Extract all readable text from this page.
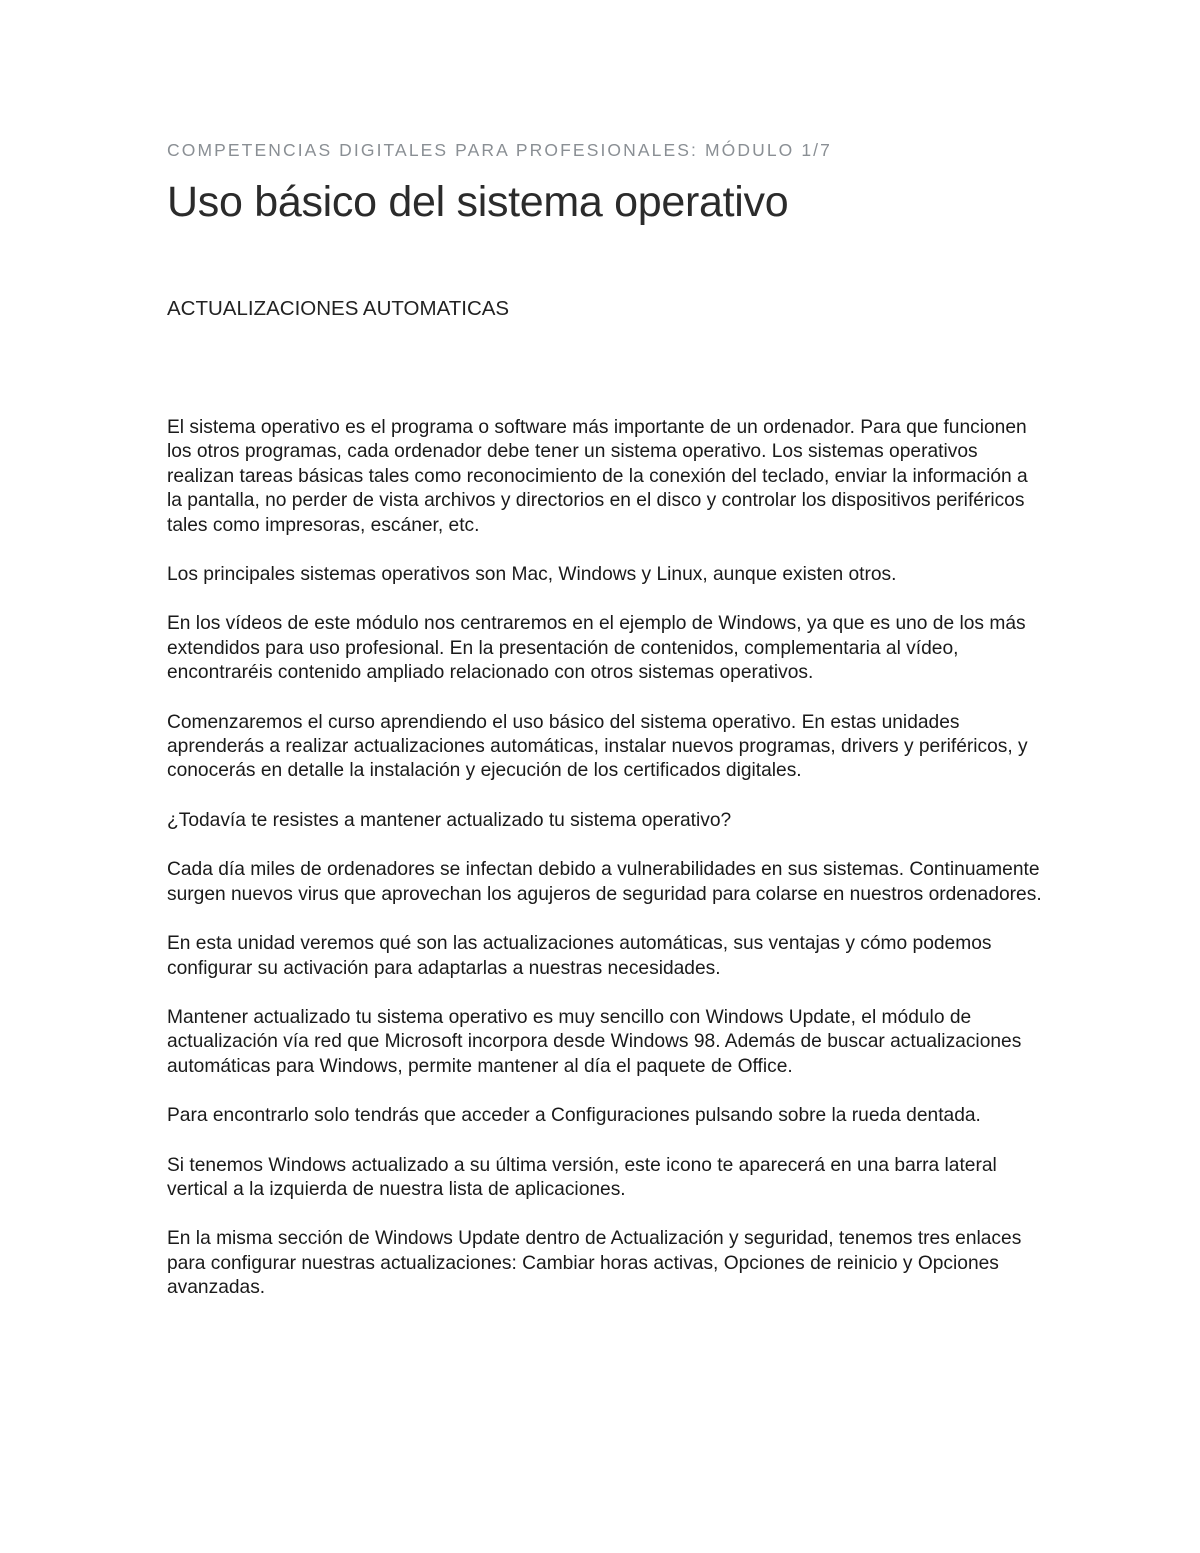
COMPETENCIAS DIGITALES PARA PROFESIONALES: MÓDULO 1/7

Uso básico del sistema operativo
ACTUALIZACIONES AUTOMATICAS

El sistema operativo es el programa o software más importante de un ordenador. Para que funcionen los otros programas, cada ordenador debe tener un sistema operativo. Los sistemas operativos realizan tareas básicas tales como reconocimiento de la conexión del teclado, enviar la información a la pantalla, no perder de vista archivos y directorios en el disco y controlar los dispositivos periféricos tales como impresoras, escáner, etc.

Los principales sistemas operativos son Mac, Windows y Linux, aunque existen otros.

En los vídeos de este módulo nos centraremos en el ejemplo de Windows, ya que es uno de los más extendidos para uso profesional. En la presentación de contenidos, complementaria al vídeo, encontraréis contenido ampliado relacionado con otros sistemas operativos.

Comenzaremos el curso aprendiendo el uso básico del sistema operativo. En estas unidades aprenderás a realizar actualizaciones automáticas, instalar nuevos programas, drivers y periféricos, y conocerás en detalle la instalación y ejecución de los certificados digitales.

¿Todavía te resistes a mantener actualizado tu sistema operativo?

Cada día miles de ordenadores se infectan debido a vulnerabilidades en sus sistemas. Continuamente surgen nuevos virus que aprovechan los agujeros de seguridad para colarse en nuestros ordenadores.

En esta unidad veremos qué son las actualizaciones automáticas, sus ventajas y cómo podemos configurar su activación para adaptarlas a nuestras necesidades.

Mantener actualizado tu sistema operativo es muy sencillo con Windows Update, el módulo de actualización vía red que Microsoft incorpora desde Windows 98. Además de buscar actualizaciones automáticas para Windows, permite mantener al día el paquete de Office.

Para encontrarlo solo tendrás que acceder a Configuraciones pulsando sobre la rueda dentada.

Si tenemos Windows actualizado a su última versión, este icono te aparecerá en una barra lateral vertical a la izquierda de nuestra lista de aplicaciones.

En la misma sección de Windows Update dentro de Actualización y seguridad, tenemos tres enlaces para configurar nuestras actualizaciones: Cambiar horas activas, Opciones de reinicio y Opciones avanzadas.
